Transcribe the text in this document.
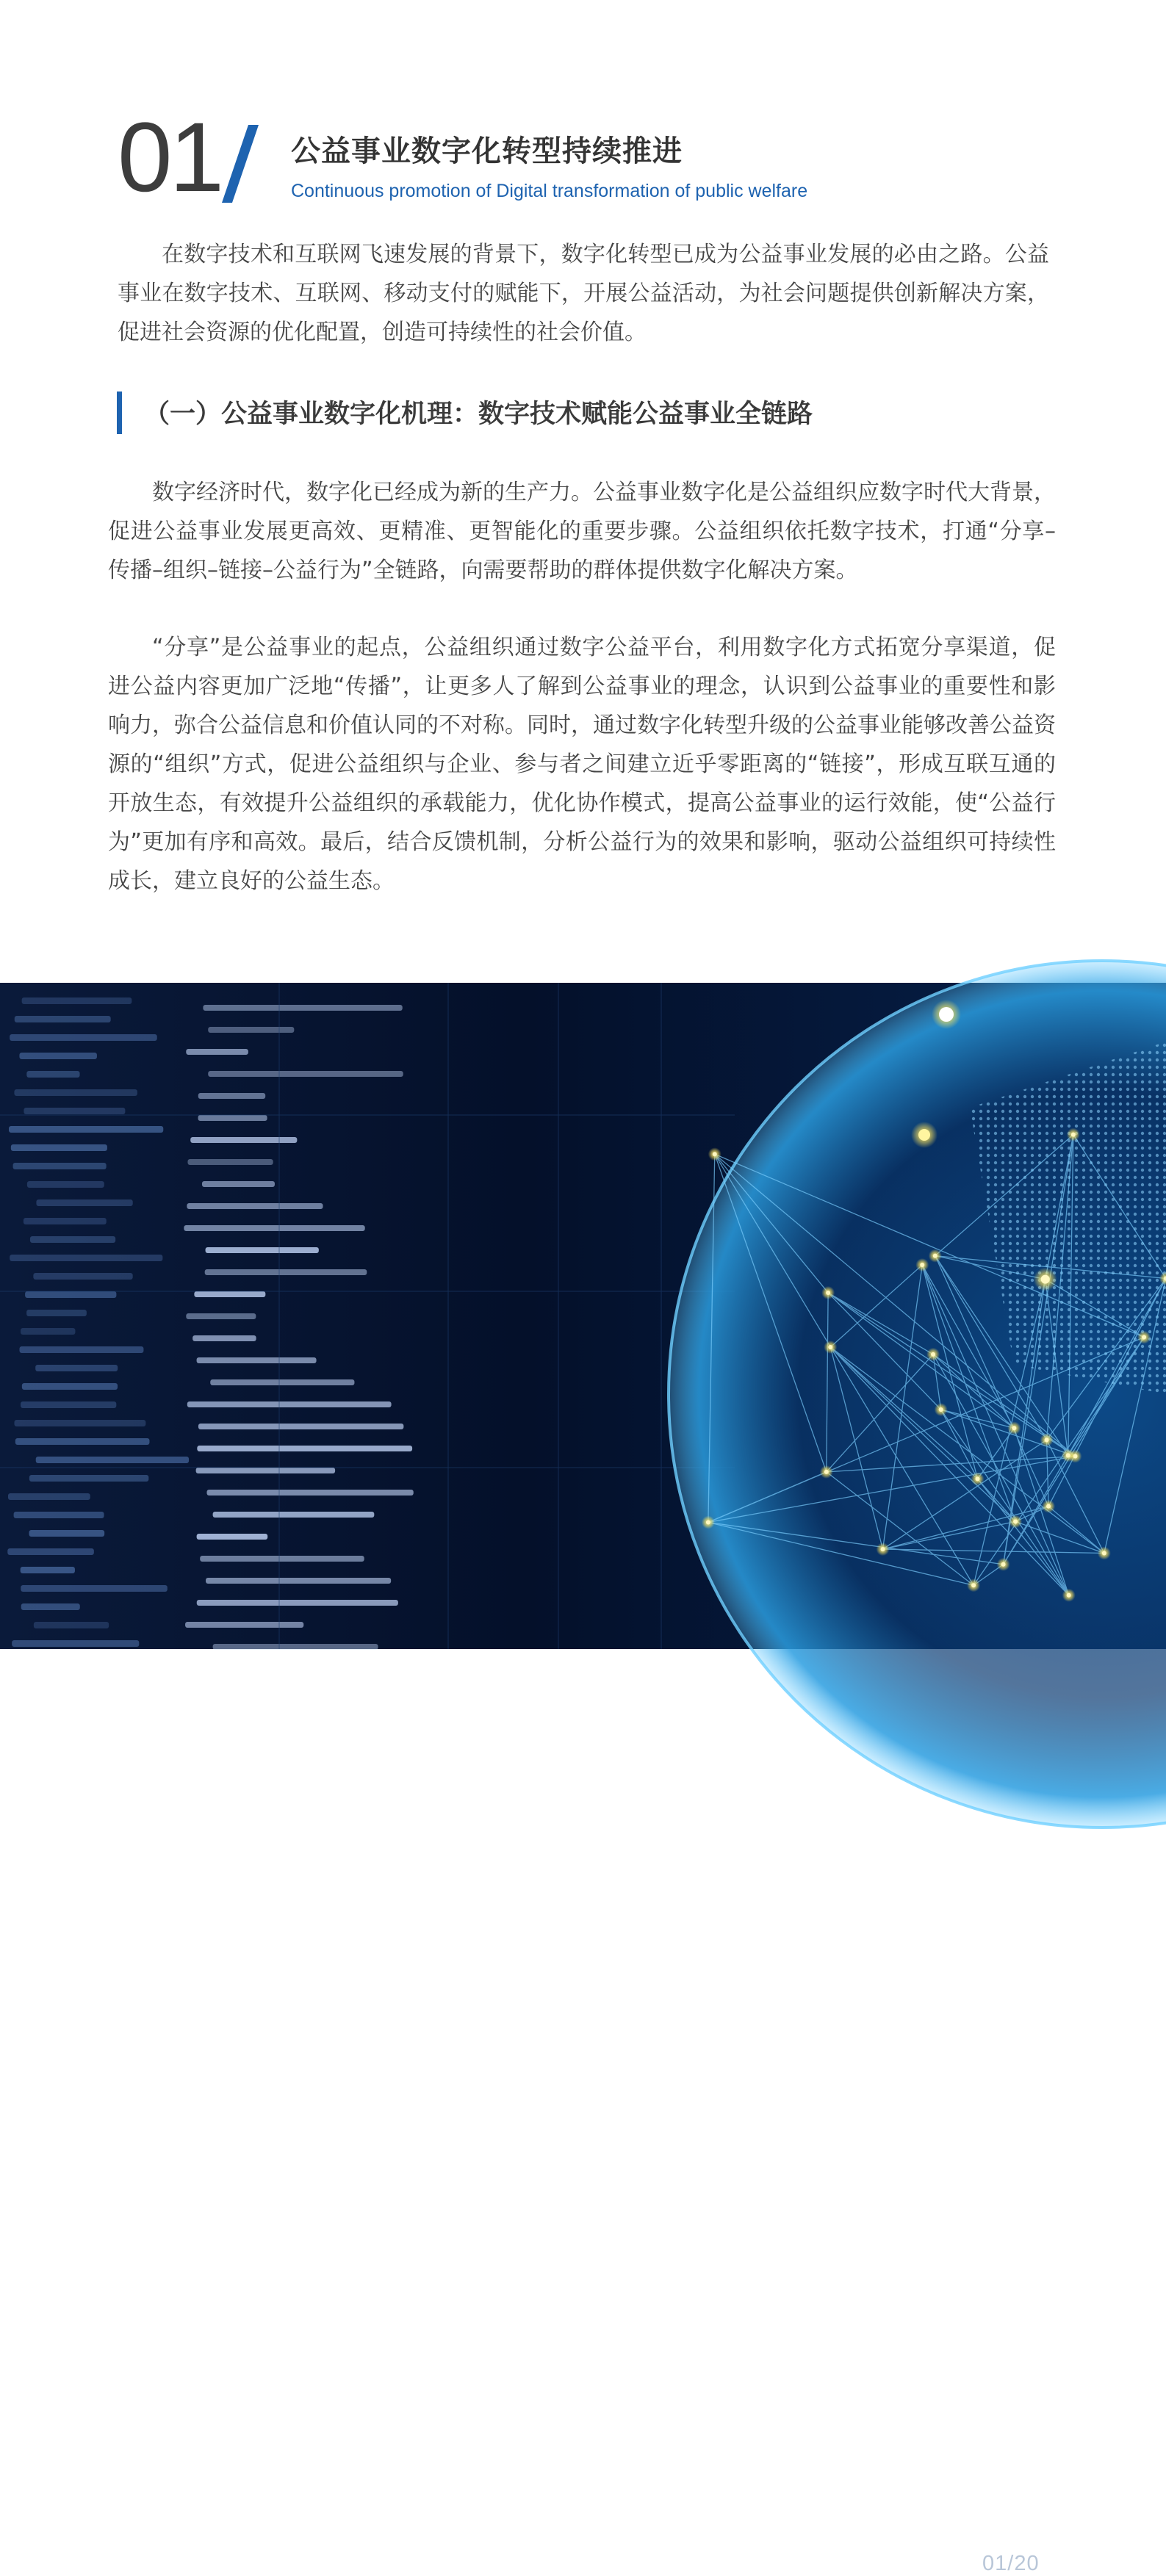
01 公益事业数字化转型持续推进
Continuous promotion of Digital transformation of public welfare

在数字技术和互联网飞速发展的背景下，数字化转型已成为公益事业发展的必由之路。公益事业在数字技术、互联网、移动支付的赋能下，开展公益活动，为社会问题提供创新解决方案，促进社会资源的优化配置，创造可持续性的社会价值。

（一）公益事业数字化机理：数字技术赋能公益事业全链路

数字经济时代，数字化已经成为新的生产力。公益事业数字化是公益组织应数字时代大背景，促进公益事业发展更高效、更精准、更智能化的重要步骤。公益组织依托数字技术，打通“分享–传播–组织–链接–公益行为”全链路，向需要帮助的群体提供数字化解决方案。

“分享”是公益事业的起点，公益组织通过数字公益平台，利用数字化方式拓宽分享渠道，促进公益内容更加广泛地“传播”，让更多人了解到公益事业的理念，认识到公益事业的重要性和影响力，弥合公益信息和价值认同的不对称。同时，通过数字化转型升级的公益事业能够改善公益资源的“组织”方式，促进公益组织与企业、参与者之间建立近乎零距离的“链接”，形成互联互通的开放生态，有效提升公益组织的承载能力，优化协作模式，提高公益事业的运行效能，使“公益行为”更加有序和高效。最后，结合反馈机制，分析公益行为的效果和影响，驱动公益组织可持续性成长，建立良好的公益生态。

01/20
